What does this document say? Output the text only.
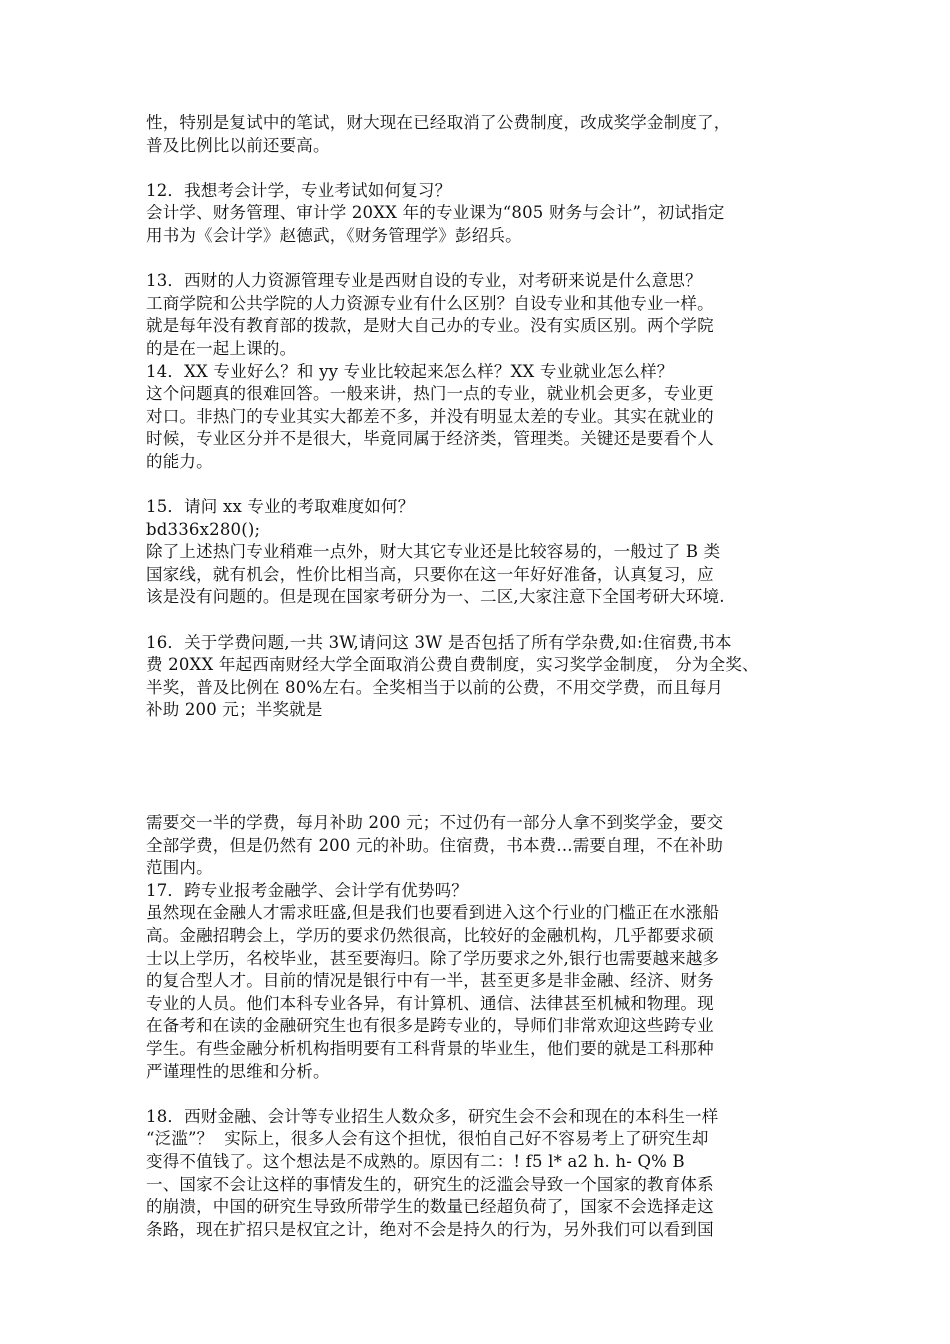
性，特别是复试中的笔试，财大现在已经取消了公费制度，改成奖学金制度了，

普及比例比以前还要高。

12．我想考会计学，专业考试如何复习？

会计学、财务管理、审计学 20XX 年的专业课为“805 财务与会计”，初试指定

用书为《会计学》赵德武，《财务管理学》彭绍兵。

13．西财的人力资源管理专业是西财自设的专业，对考研来说是什么意思？

工商学院和公共学院的人力资源专业有什么区别？自设专业和其他专业一样。

就是每年没有教育部的拨款，是财大自己办的专业。没有实质区别。两个学院

的是在一起上课的。

14．XX 专业好么？和 yy 专业比较起来怎么样？XX 专业就业怎么样？

这个问题真的很难回答。一般来讲，热门一点的专业，就业机会更多，专业更

对口。非热门的专业其实大都差不多，并没有明显太差的专业。其实在就业的

时候，专业区分并不是很大，毕竟同属于经济类，管理类。关键还是要看个人

的能力。

15．请问 xx 专业的考取难度如何？

bd336x280();

除了上述热门专业稍难一点外，财大其它专业还是比较容易的，一般过了 B 类

国家线，就有机会，性价比相当高，只要你在这一年好好准备，认真复习，应

该是没有问题的。但是现在国家考研分为一、二区,大家注意下全国考研大环境.

16．关于学费问题,一共 3W,请问这 3W 是否包括了所有学杂费,如:住宿费,书本

费 20XX 年起西南财经大学全面取消公费自费制度，实习奖学金制度， 分为全奖、

半奖，普及比例在 80%左右。全奖相当于以前的公费，不用交学费，而且每月

补助 200 元；半奖就是

需要交一半的学费，每月补助 200 元；不过仍有一部分人拿不到奖学金，要交

全部学费，但是仍然有 200 元的补助。住宿费，书本费...需要自理，不在补助

范围内。

17．跨专业报考金融学、会计学有优势吗？

虽然现在金融人才需求旺盛,但是我们也要看到进入这个行业的门槛正在水涨船

高。金融招聘会上，学历的要求仍然很高，比较好的金融机构，几乎都要求硕

士以上学历，名校毕业，甚至要海归。除了学历要求之外,银行也需要越来越多

的复合型人才。目前的情况是银行中有一半，甚至更多是非金融、经济、财务

专业的人员。他们本科专业各异，有计算机、通信、法律甚至机械和物理。现

在备考和在读的金融研究生也有很多是跨专业的，导师们非常欢迎这些跨专业

学生。有些金融分析机构指明要有工科背景的毕业生，他们要的就是工科那种

严谨理性的思维和分析。

18．西财金融、会计等专业招生人数众多，研究生会不会和现在的本科生一样

“泛滥”？  实际上，很多人会有这个担忧，很怕自己好不容易考上了研究生却

变得不值钱了。这个想法是不成熟的。原因有二：! f5 l* a2 h. h- Q% B

一、国家不会让这样的事情发生的，研究生的泛滥会导致一个国家的教育体系

的崩溃，中国的研究生导致所带学生的数量已经超负荷了，国家不会选择走这

条路，现在扩招只是权宜之计，绝对不会是持久的行为，另外我们可以看到国
